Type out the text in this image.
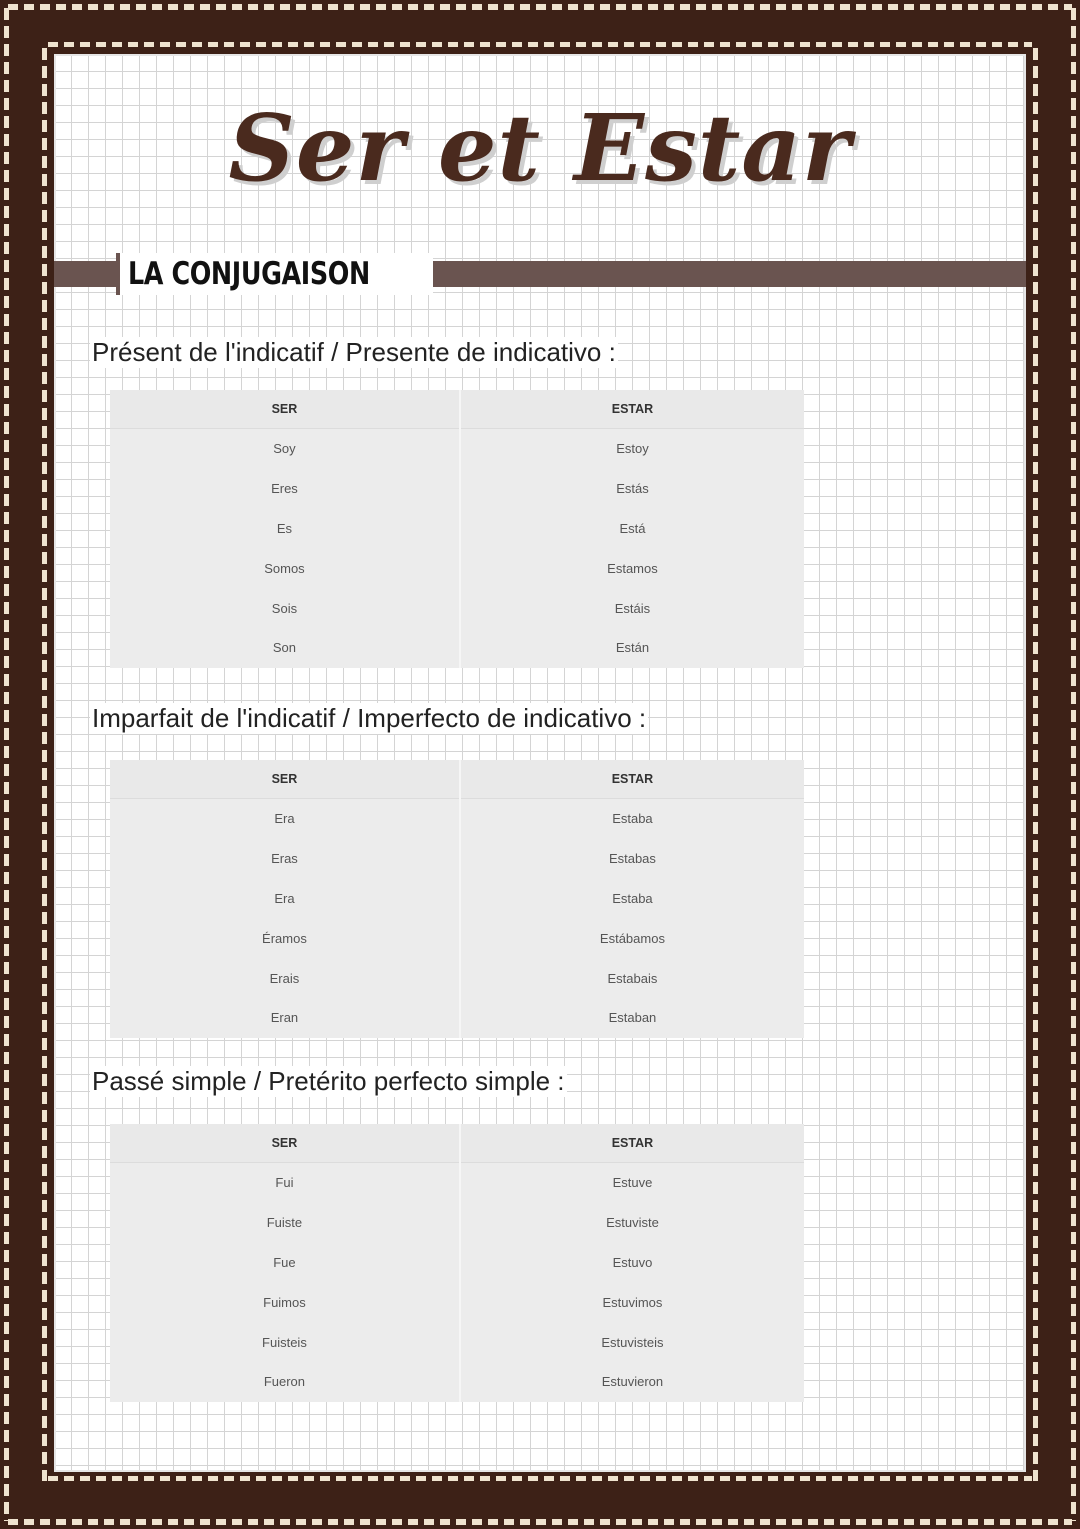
Ser et Estar
LA CONJUGAISON
Présent de l'indicatif / Presente de indicativo :
SER	ESTAR
Soy	Estoy
Eres	Estás
Es	Está
Somos	Estamos
Sois	Estáis
Son	Están
Imparfait de l'indicatif / Imperfecto de indicativo :
SER	ESTAR
Era	Estaba
Eras	Estabas
Era	Estaba
Éramos	Estábamos
Erais	Estabais
Eran	Estaban
Passé simple / Pretérito perfecto simple :
SER	ESTAR
Fui	Estuve
Fuiste	Estuviste
Fue	Estuvo
Fuimos	Estuvimos
Fuisteis	Estuvisteis
Fueron	Estuvieron
